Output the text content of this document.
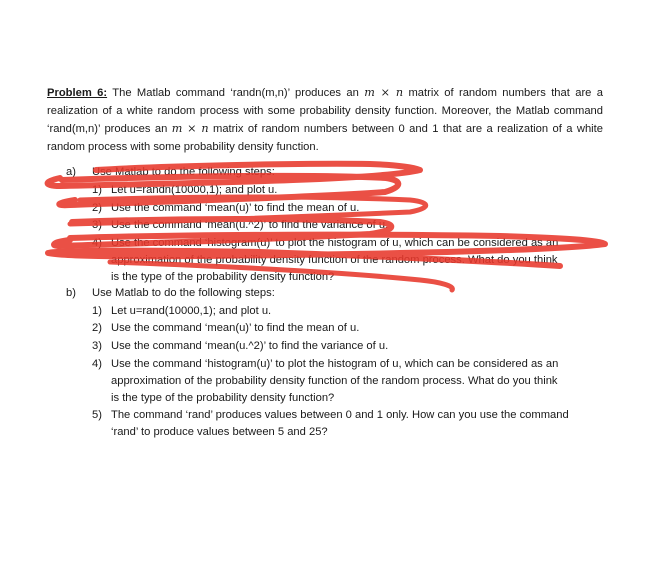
Problem 6: The Matlab command ‘randn(m,n)’ produces an m × n matrix of random numbers that are a realization of a white random process with some probability density function. Moreover, the Matlab command ‘rand(m,n)’ produces an m × n matrix of random numbers between 0 and 1 that are a realization of a white random process with some probability density function.
a) Use Matlab to do the following steps:
1) Let u=randn(10000,1); and plot u.
2) Use the command ‘mean(u)’ to find the mean of u.
3) Use the command ‘mean(u.^2)’ to find the variance of u.
4) Use the command ‘histogram(u)’ to plot the histogram of u, which can be considered as an
approximation of the probability density function of the random process. What do you think
is the type of the probability density function?
b) Use Matlab to do the following steps:
1) Let u=rand(10000,1); and plot u.
2) Use the command ‘mean(u)’ to find the mean of u.
3) Use the command ‘mean(u.^2)’ to find the variance of u.
4) Use the command ‘histogram(u)’ to plot the histogram of u, which can be considered as an
approximation of the probability density function of the random process. What do you think
is the type of the probability density function?
5) The command ‘rand’ produces values between 0 and 1 only. How can you use the command
‘rand’ to produce values between 5 and 25?
